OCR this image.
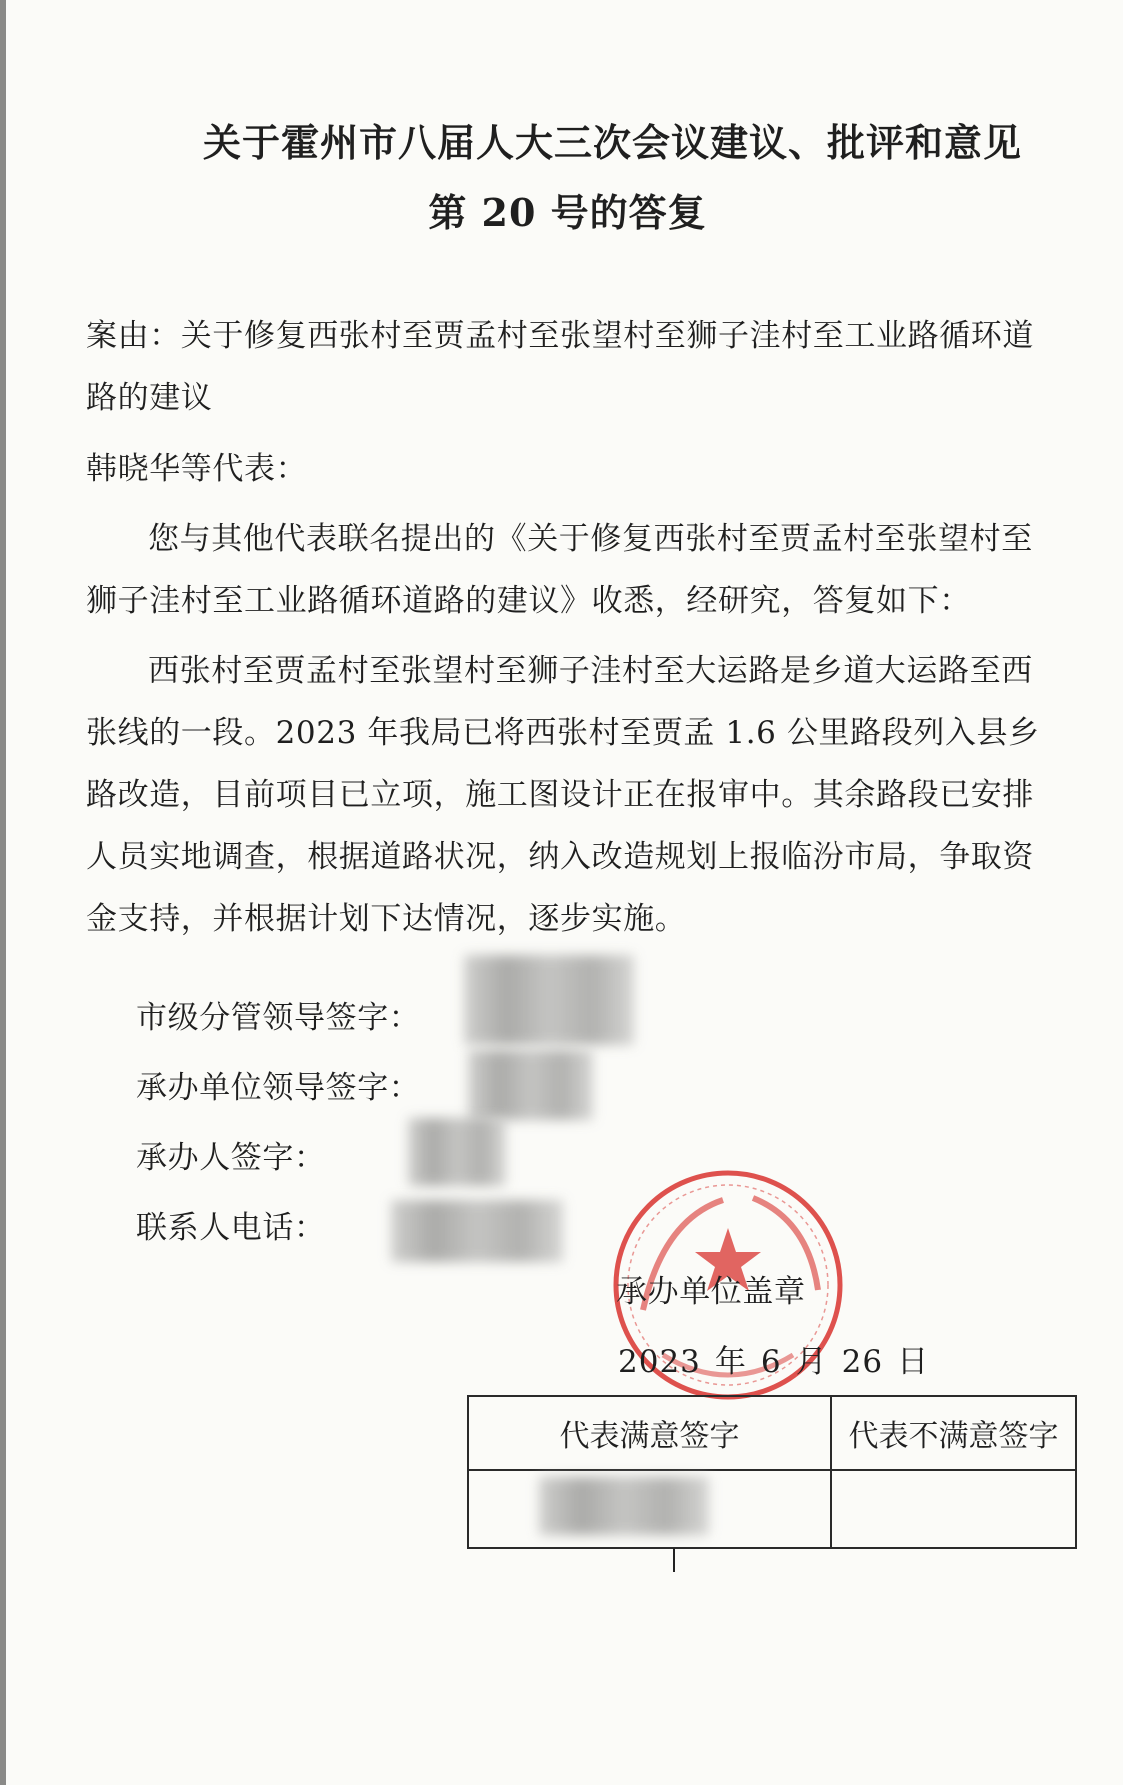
关于霍州市八届人大三次会议建议、批评和意见
第 20 号的答复
案由：关于修复西张村至贾孟村至张望村至狮子洼村至工业路循环道路的建议
韩晓华等代表：
您与其他代表联名提出的《关于修复西张村至贾孟村至张望村至狮子洼村至工业路循环道路的建议》收悉，经研究，答复如下：
西张村至贾孟村至张望村至狮子洼村至大运路是乡道大运路至西张线的一段。2023 年我局已将西张村至贾孟 1.6 公里路段列入县乡路改造，目前项目已立项，施工图设计正在报审中。其余路段已安排人员实地调查，根据道路状况，纳入改造规划上报临汾市局，争取资金支持，并根据计划下达情况，逐步实施。
市级分管领导签字：
承办单位领导签字：
承办人签字：
联系人电话：
承办单位盖章
2023 年 6 月 26 日
代表满意签字	代表不满意签字
